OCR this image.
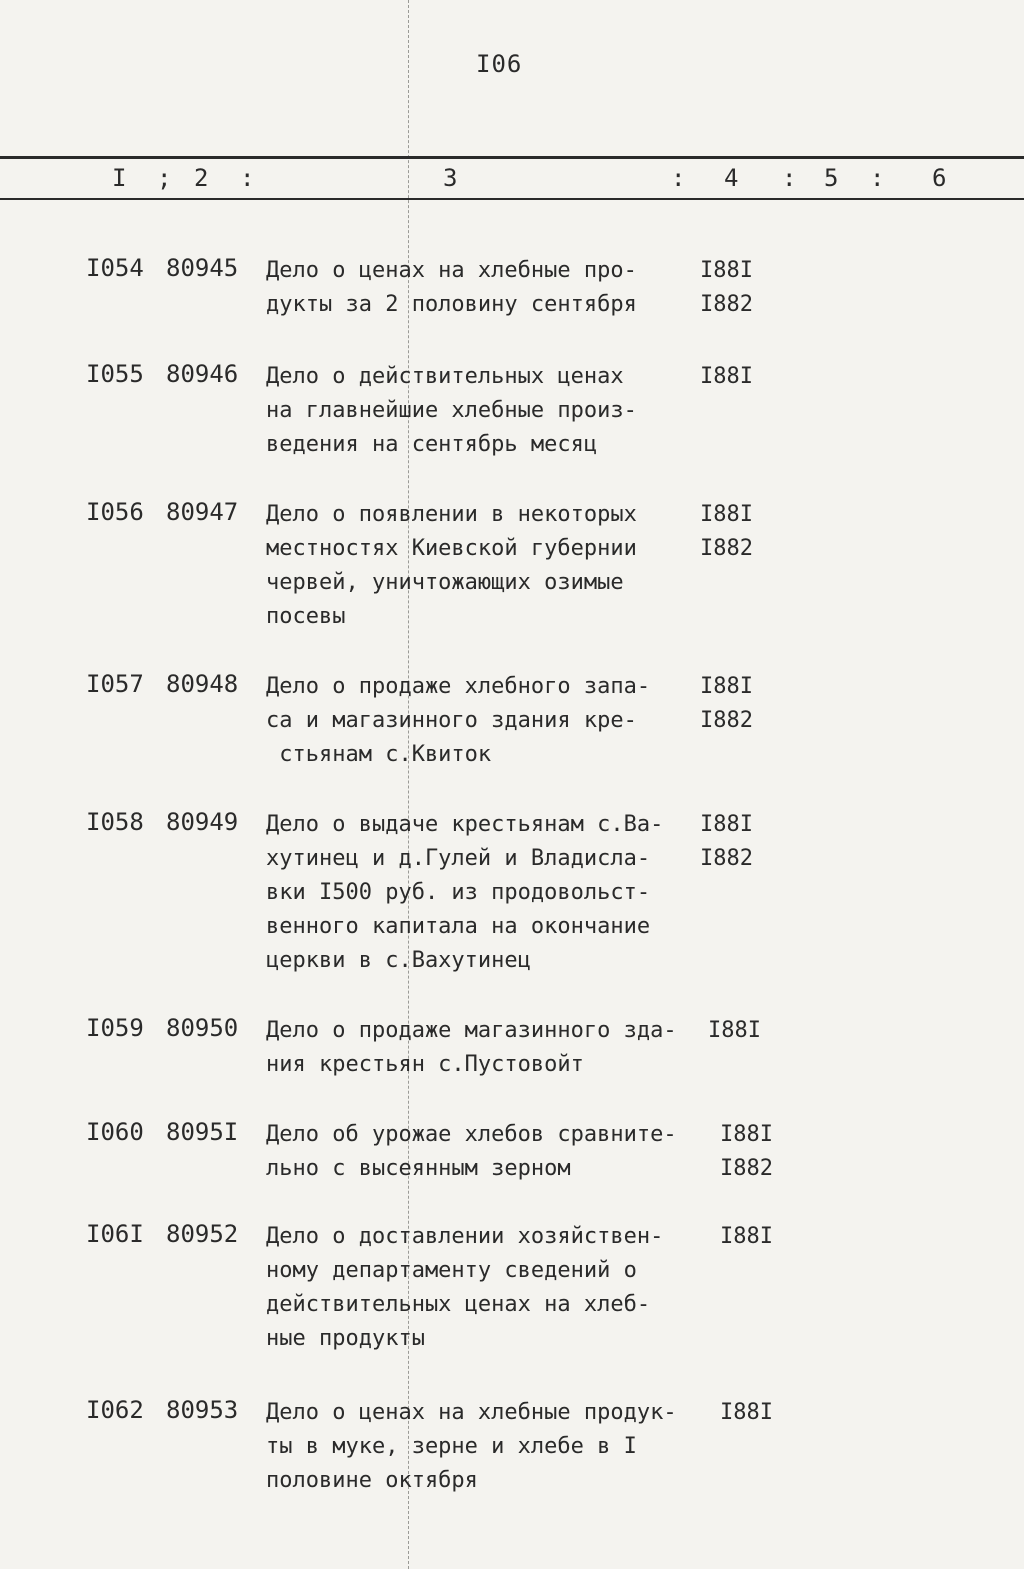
I06
I ; 2 :	3	: 4 : 5 : 6
I054 80945 Дело о ценах на хлебные про-
дукты за 2 половину сентября
I88I
I882
I055 80946 Дело о действительных ценах
на главнейшие хлебные произ-
ведения на сентябрь месяц
I88I
I056 80947 Дело о появлении в некоторых
местностях Киевской губернии
червей, уничтожающих озимые
посевы
I88I
I882
I057 80948 Дело о продаже хлебного запа-
са и магазинного здания кре-
стьянам с.Квиток
I88I
I882
I058 80949 Дело о выдаче крестьянам с.Ва-
хутинец и д.Гулей и Владисла-
вки I500 руб. из продовольст-
венного капитала на окончание
церкви в с.Вахутинец
I88I
I882
I059 80950 Дело о продаже магазинного зда-
ния крестьян с.Пустовойт
I88I
I060 8095I Дело об урожае хлебов сравните-
льно с высеянным зерном
I88I
I882
I06I 80952 Дело о доставлении хозяйствен-
ному департаменту сведений о
действительных ценах на хлеб-
ные продукты
I88I
I062 80953 Дело о ценах на хлебные продук-
ты в муке, зерне и хлебе в I
половине октября
I88I
